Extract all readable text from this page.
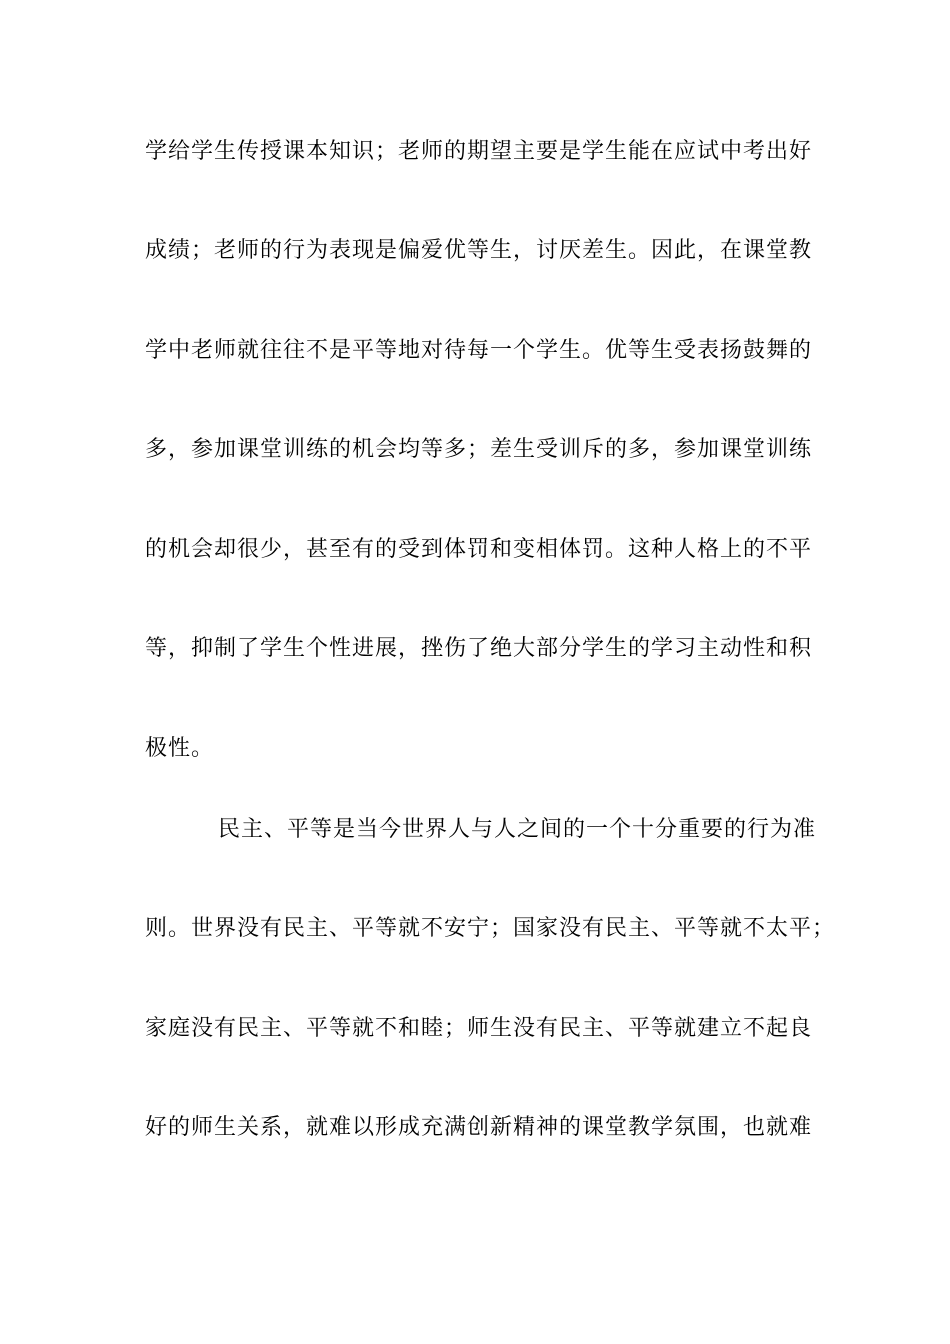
学给学生传授课本知识；老师的期望主要是学生能在应试中考出好
成绩；老师的行为表现是偏爱优等生，讨厌差生。因此，在课堂教
学中老师就往往不是平等地对待每一个学生。优等生受表扬鼓舞的
多，参加课堂训练的机会均等多；差生受训斥的多，参加课堂训练
的机会却很少，甚至有的受到体罚和变相体罚。这种人格上的不平
等，抑制了学生个性进展，挫伤了绝大部分学生的学习主动性和积
极性。
民主、平等是当今世界人与人之间的一个十分重要的行为准
则。世界没有民主、平等就不安宁；国家没有民主、平等就不太平；
家庭没有民主、平等就不和睦；师生没有民主、平等就建立不起良
好的师生关系，就难以形成充满创新精神的课堂教学氛围，也就难
